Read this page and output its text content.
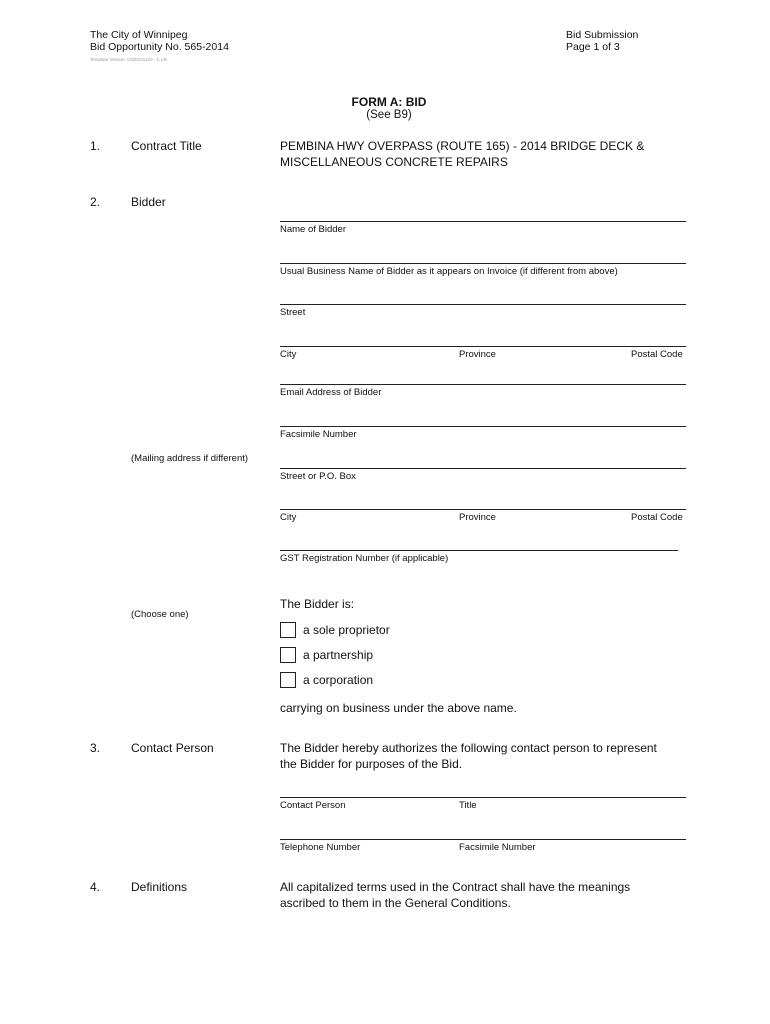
The City of Winnipeg
Bid Opportunity No. 565-2014
Template Version: C520131120 - C LR
Bid Submission
Page 1 of 3
FORM A: BID
(See B9)
1.	Contract Title	PEMBINA HWY OVERPASS (ROUTE 165) - 2014 BRIDGE DECK &
MISCELLANEOUS CONCRETE REPAIRS
2.	Bidder
Name of Bidder
Usual Business Name of Bidder as it appears on Invoice (if different from above)
Street
City	Province	Postal Code
Email Address of Bidder
Facsimile Number
(Mailing address if different)
Street or P.O. Box
City	Province	Postal Code
GST Registration Number (if applicable)
(Choose one)
The Bidder is:
a sole proprietor
a partnership
a corporation
carrying on business under the above name.
3.	Contact Person	The Bidder hereby authorizes the following contact person to represent
the Bidder for purposes of the Bid.
Contact Person	Title
Telephone Number	Facsimile Number
4.	Definitions	All capitalized terms used in the Contract shall have the meanings
ascribed to them in the General Conditions.
